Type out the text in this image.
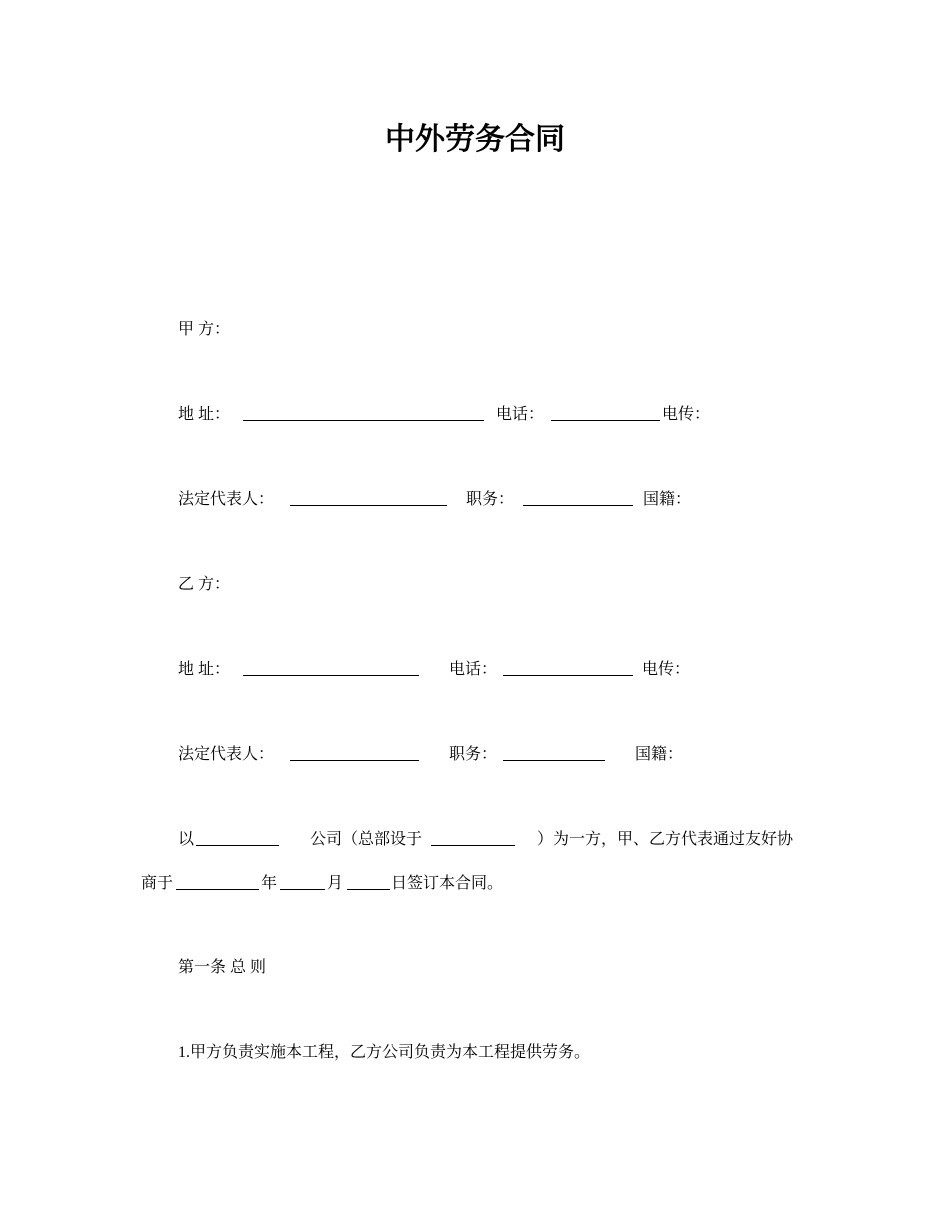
中外劳务合同
甲 方：
地 址：	电话：	电传：
法定代表人：	职务：	国籍：
乙 方：
地 址：	电话：	电传：
法定代表人：	职务：	国籍：
以	公司（总部设于	）为一方，甲、乙方代表通过友好协
商于	年	月	日签订本合同。
第一条 总 则
1.甲方负责实施本工程，乙方公司负责为本工程提供劳务。
